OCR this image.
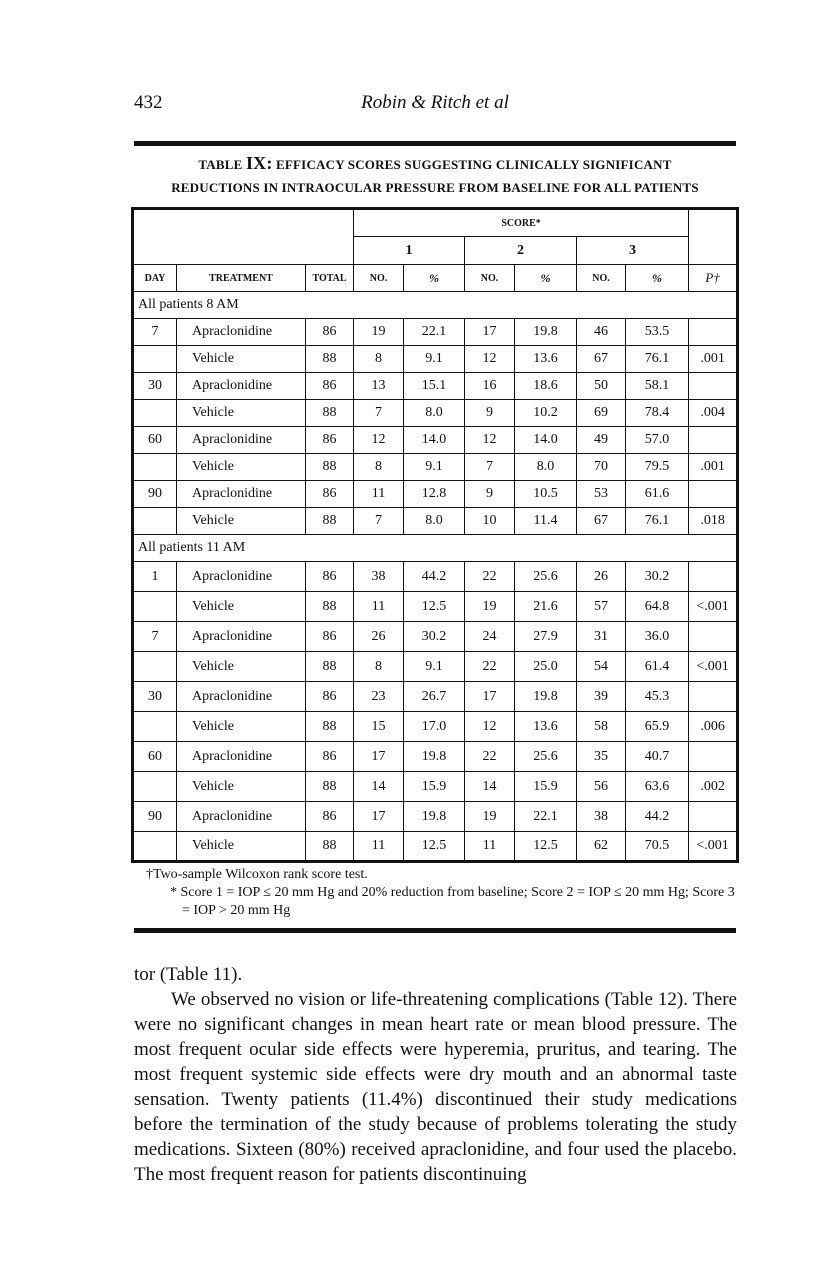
432	Robin & Ritch et al
TABLE IX: EFFICACY SCORES SUGGESTING CLINICALLY SIGNIFICANT
REDUCTIONS IN INTRAOCULAR PRESSURE FROM BASELINE FOR ALL PATIENTS
			SCORE*						
			1		2		3		
DAY	TREATMENT	TOTAL	NO.	%	NO.	%	NO.	%	P†
All patients 8 AM									
7	Apraclonidine	86	19	22.1	17	19.8	46	53.5	
	Vehicle	88	8	9.1	12	13.6	67	76.1	.001
30	Apraclonidine	86	13	15.1	16	18.6	50	58.1	
	Vehicle	88	7	8.0	9	10.2	69	78.4	.004
60	Apraclonidine	86	12	14.0	12	14.0	49	57.0	
	Vehicle	88	8	9.1	7	8.0	70	79.5	.001
90	Apraclonidine	86	11	12.8	9	10.5	53	61.6	
	Vehicle	88	7	8.0	10	11.4	67	76.1	.018
All patients 11 AM									
1	Apraclonidine	86	38	44.2	22	25.6	26	30.2	
	Vehicle	88	11	12.5	19	21.6	57	64.8	<.001
7	Apraclonidine	86	26	30.2	24	27.9	31	36.0	
	Vehicle	88	8	9.1	22	25.0	54	61.4	<.001
30	Apraclonidine	86	23	26.7	17	19.8	39	45.3	
	Vehicle	88	15	17.0	12	13.6	58	65.9	.006
60	Apraclonidine	86	17	19.8	22	25.6	35	40.7	
	Vehicle	88	14	15.9	14	15.9	56	63.6	.002
90	Apraclonidine	86	17	19.8	19	22.1	38	44.2	
	Vehicle	88	11	12.5	11	12.5	62	70.5	<.001

†Two-sample Wilcoxon rank score test.

* Score 1 = IOP ≤ 20 mm Hg and 20% reduction from baseline; Score 2 = IOP ≤ 20 mm Hg; Score 3 = IOP > 20 mm Hg

tor (Table 11).

We observed no vision or life-threatening complications (Table 12). There were no significant changes in mean heart rate or mean blood pressure. The most frequent ocular side effects were hyperemia, pruritus, and tearing. The most frequent systemic side effects were dry mouth and an abnormal taste sensation. Twenty patients (11.4%) discontinued their study medications before the termination of the study because of problems tolerating the study medications. Sixteen (80%) received apraclonidine, and four used the placebo. The most frequent reason for patients discontinuing
